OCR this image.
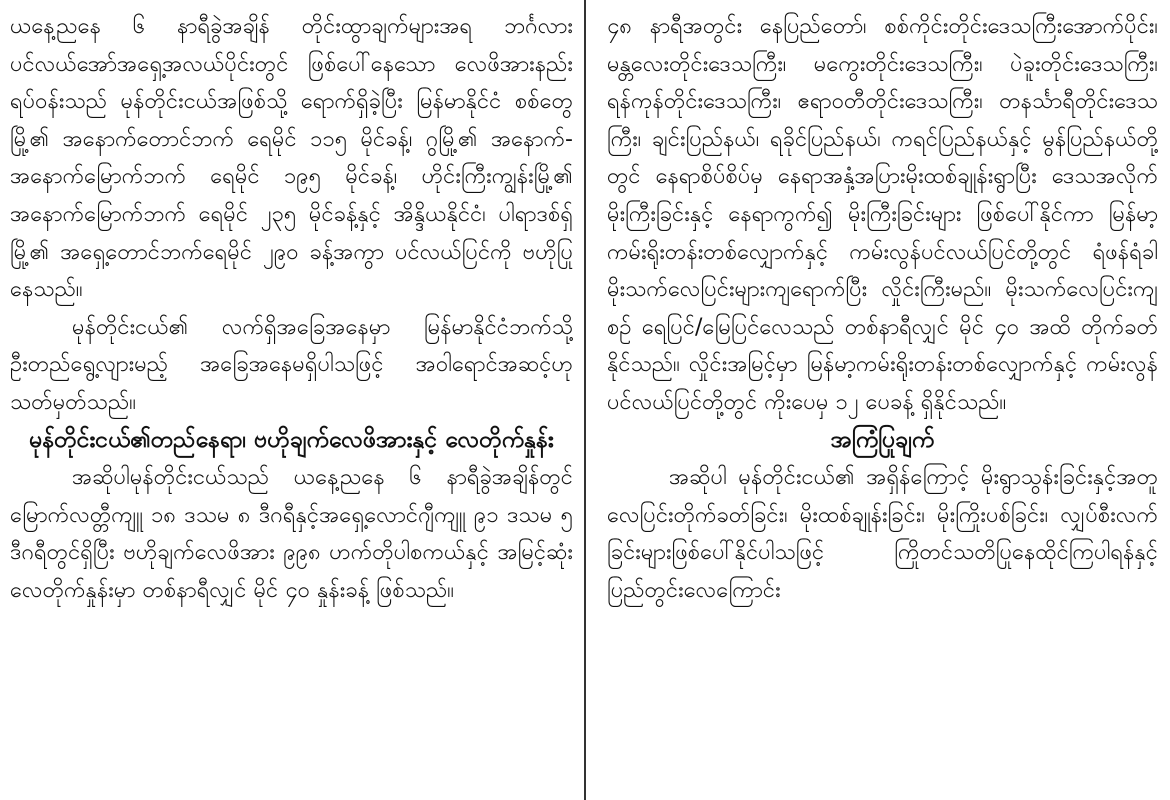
ယနေ့ညနေ ၆ နာရီခွဲအချိန် တိုင်းထွာချက်များအရ ဘင်္ဂလားပင်လယ်အော်အရှေ့အလယ်ပိုင်းတွင် ဖြစ်ပေါ်နေသော လေဖိအားနည်းရပ်ဝန်းသည် မုန်တိုင်းငယ်အဖြစ်သို့ ရောက်ရှိခဲ့ပြီး မြန်မာနိုင်ငံ စစ်တွေမြို့၏ အနောက်တောင်ဘက် ရေမိုင် ၁၁၅ မိုင်ခန့်၊ ဂွမြို့၏ အနောက်-အနောက်မြောက်ဘက် ရေမိုင် ၁၉၅ မိုင်ခန့်၊ ဟိုင်းကြီးကျွန်းမြို့၏ အနောက်မြောက်ဘက် ရေမိုင် ၂၃၅ မိုင်ခန့်နှင့် အိန္ဒိယနိုင်ငံ၊ ပါရာဒစ်ရှ်မြို့၏ အရှေ့တောင်ဘက်ရေမိုင် ၂၉၀ ခန့်အကွာ ပင်လယ်ပြင်ကို ဗဟိုပြုနေသည်။

မုန်တိုင်းငယ်၏ လက်ရှိအခြေအနေမှာ မြန်မာနိုင်ငံဘက်သို့ ဦးတည်ရွေ့လျားမည့် အခြေအနေမရှိပါသဖြင့် အဝါရောင်အဆင့်ဟု သတ်မှတ်သည်။

မုန်တိုင်းငယ်၏တည်နေရာ၊ ဗဟိုချက်လေဖိအားနှင့် လေတိုက်နှုန်း

အဆိုပါမုန်တိုင်းငယ်သည် ယနေ့ညနေ ၆ နာရီခွဲအချိန်တွင် မြောက်လတ္တီကျူ ၁၈ ဒသမ ၈ ဒီဂရီနှင့်အရှေ့လောင်ဂျီကျူ ၉၁ ဒသမ ၅ ဒီဂရီတွင်ရှိပြီး ဗဟိုချက်လေဖိအား ၉၉၈ ဟက်တိုပါစကယ်နှင့် အမြင့်ဆုံးလေတိုက်နှုန်းမှာ တစ်နာရီလျှင် မိုင် ၄၀ နှုန်းခန့် ဖြစ်သည်။

၄၈ နာရီအတွင်း နေပြည်တော်၊ စစ်ကိုင်းတိုင်းဒေသကြီးအောက်ပိုင်း၊ မန္တလေးတိုင်းဒေသကြီး၊ မကွေးတိုင်းဒေသကြီး၊ ပဲခူးတိုင်းဒေသကြီး၊ ရန်ကုန်တိုင်းဒေသကြီး၊ ဧရာဝတီတိုင်းဒေသကြီး၊ တနင်္သာရီတိုင်းဒေသကြီး၊ ချင်းပြည်နယ်၊ ရခိုင်ပြည်နယ်၊ ကရင်ပြည်နယ်နှင့် မွန်ပြည်နယ်တို့တွင် နေရာစိပ်စိပ်မှ နေရာအနှံ့အပြားမိုးထစ်ချုန်းရွာပြီး ဒေသအလိုက် မိုးကြီးခြင်းနှင့် နေရာကွက်၍ မိုးကြီးခြင်းများ ဖြစ်ပေါ်နိုင်ကာ မြန်မာ့ကမ်းရိုးတန်းတစ်လျှောက်နှင့် ကမ်းလွန်ပင်လယ်ပြင်တို့တွင် ရံဖန်ရံခါ မိုးသက်လေပြင်းများကျရောက်ပြီး လှိုင်းကြီးမည်။ မိုးသက်လေပြင်းကျစဉ် ရေပြင်/မြေပြင်လေသည် တစ်နာရီလျှင် မိုင် ၄၀ အထိ တိုက်ခတ်နိုင်သည်။ လှိုင်းအမြင့်မှာ မြန်မာ့ကမ်းရိုးတန်းတစ်လျှောက်နှင့် ကမ်းလွန်ပင်လယ်ပြင်တို့တွင် ကိုးပေမှ ၁၂ ပေခန့် ရှိနိုင်သည်။

အကြံပြုချက်

အဆိုပါ မုန်တိုင်းငယ်၏ အရှိန်ကြောင့် မိုးရွာသွန်းခြင်းနှင့်အတူ လေပြင်းတိုက်ခတ်ခြင်း၊ မိုးထစ်ချုန်းခြင်း၊ မိုးကြိုးပစ်ခြင်း၊ လျှပ်စီးလက်ခြင်းများဖြစ်ပေါ်နိုင်ပါသဖြင့် ကြိုတင်သတိပြုနေထိုင်ကြပါရန်နှင့် ပြည်တွင်းလေကြောင်း
